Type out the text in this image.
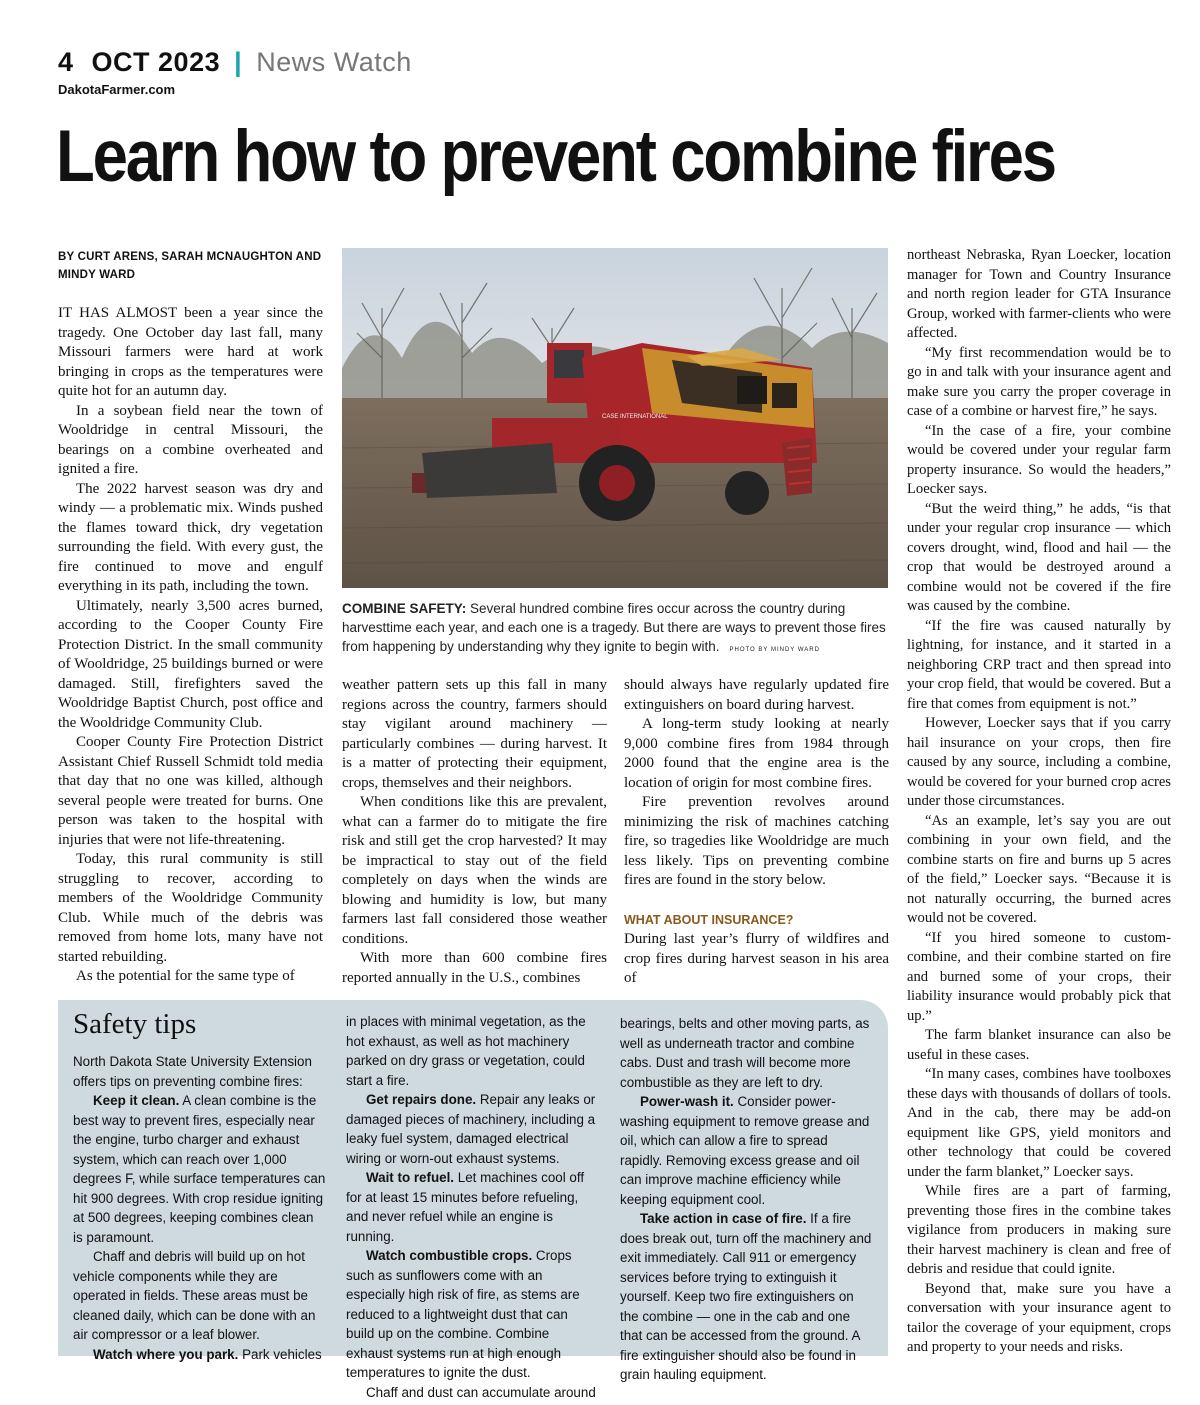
4 OCT 2023 | News Watch
DakotaFarmer.com
Learn how to prevent combine fires
BY CURT ARENS, SARAH MCNAUGHTON AND MINDY WARD

IT HAS ALMOST been a year since the tragedy. One October day last fall, many Missouri farmers were hard at work bringing in crops as the temperatures were quite hot for an autumn day.

In a soybean field near the town of Wooldridge in central Missouri, the bearings on a combine overheated and ignited a fire.

The 2022 harvest season was dry and windy — a problematic mix. Winds pushed the flames toward thick, dry vegetation surrounding the field. With every gust, the fire continued to move and engulf everything in its path, including the town.

Ultimately, nearly 3,500 acres burned, according to the Cooper County Fire Protection District. In the small community of Wooldridge, 25 buildings burned or were damaged. Still, firefighters saved the Wooldridge Baptist Church, post office and the Wooldridge Community Club.

Cooper County Fire Protection District Assistant Chief Russell Schmidt told media that day that no one was killed, although several people were treated for burns. One person was taken to the hospital with injuries that were not life-threatening.

Today, this rural community is still struggling to recover, according to members of the Wooldridge Community Club. While much of the debris was removed from home lots, many have not started rebuilding.

As the potential for the same type of

CASE INTERNATIONAL
COMBINE SAFETY: Several hundred combine fires occur across the country during harvesttime each year, and each one is a tragedy. But there are ways to prevent those fires from happening by understanding why they ignite to begin with. PHOTO BY MINDY WARD

weather pattern sets up this fall in many regions across the country, farmers should stay vigilant around machinery — particularly combines — during harvest. It is a matter of protecting their equipment, crops, themselves and their neighbors.

When conditions like this are prevalent, what can a farmer do to mitigate the fire risk and still get the crop harvested? It may be impractical to stay out of the field completely on days when the winds are blowing and humidity is low, but many farmers last fall considered those weather conditions.

With more than 600 combine fires reported annually in the U.S., combines

should always have regularly updated fire extinguishers on board during harvest.

A long-term study looking at nearly 9,000 combine fires from 1984 through 2000 found that the engine area is the location of origin for most combine fires.

Fire prevention revolves around minimizing the risk of machines catching fire, so tragedies like Wooldridge are much less likely. Tips on preventing combine fires are found in the story below.

WHAT ABOUT INSURANCE?

During last year’s flurry of wildfires and crop fires during harvest season in his area of

northeast Nebraska, Ryan Loecker, location manager for Town and Country Insurance and north region leader for GTA Insurance Group, worked with farmer-clients who were affected.

“My first recommendation would be to go in and talk with your insurance agent and make sure you carry the proper coverage in case of a combine or harvest fire,” he says.

“In the case of a fire, your combine would be covered under your regular farm property insurance. So would the headers,” Loecker says.

“But the weird thing,” he adds, “is that under your regular crop insurance — which covers drought, wind, flood and hail — the crop that would be destroyed around a combine would not be covered if the fire was caused by the combine.

“If the fire was caused naturally by lightning, for instance, and it started in a neighboring CRP tract and then spread into your crop field, that would be covered. But a fire that comes from equipment is not.”

However, Loecker says that if you carry hail insurance on your crops, then fire caused by any source, including a combine, would be covered for your burned crop acres under those circumstances.

“As an example, let’s say you are out combining in your own field, and the combine starts on fire and burns up 5 acres of the field,” Loecker says. “Because it is not naturally occurring, the burned acres would not be covered.

“If you hired someone to custom-combine, and their combine started on fire and burned some of your crops, their liability insurance would probably pick that up.”

The farm blanket insurance can also be useful in these cases.

“In many cases, combines have toolboxes these days with thousands of dollars of tools. And in the cab, there may be add-on equipment like GPS, yield monitors and other technology that could be covered under the farm blanket,” Loecker says.

While fires are a part of farming, preventing those fires in the combine takes vigilance from producers in making sure their harvest machinery is clean and free of debris and residue that could ignite.

Beyond that, make sure you have a conversation with your insurance agent to tailor the coverage of your equipment, crops and property to your needs and risks.

Safety tips

North Dakota State University Extension offers tips on preventing combine fires:

Keep it clean. A clean combine is the best way to prevent fires, especially near the engine, turbo charger and exhaust system, which can reach over 1,000 degrees F, while surface temperatures can hit 900 degrees. With crop residue igniting at 500 degrees, keeping combines clean is paramount.

Chaff and debris will build up on hot vehicle components while they are operated in fields. These areas must be cleaned daily, which can be done with an air compressor or a leaf blower.

Watch where you park. Park vehicles

in places with minimal vegetation, as the hot exhaust, as well as hot machinery parked on dry grass or vegetation, could start a fire.

Get repairs done. Repair any leaks or damaged pieces of machinery, including a leaky fuel system, damaged electrical wiring or worn-out exhaust systems.

Wait to refuel. Let machines cool off for at least 15 minutes before refueling, and never refuel while an engine is running.

Watch combustible crops. Crops such as sunflowers come with an especially high risk of fire, as stems are reduced to a lightweight dust that can build up on the combine. Combine exhaust systems run at high enough temperatures to ignite the dust.

Chaff and dust can accumulate around

bearings, belts and other moving parts, as well as underneath tractor and combine cabs. Dust and trash will become more combustible as they are left to dry.

Power-wash it. Consider power-washing equipment to remove grease and oil, which can allow a fire to spread rapidly. Removing excess grease and oil can improve machine efficiency while keeping equipment cool.

Take action in case of fire. If a fire does break out, turn off the machinery and exit immediately. Call 911 or emergency services before trying to extinguish it yourself. Keep two fire extinguishers on the combine — one in the cab and one that can be accessed from the ground. A fire extinguisher should also be found in grain hauling equipment.
